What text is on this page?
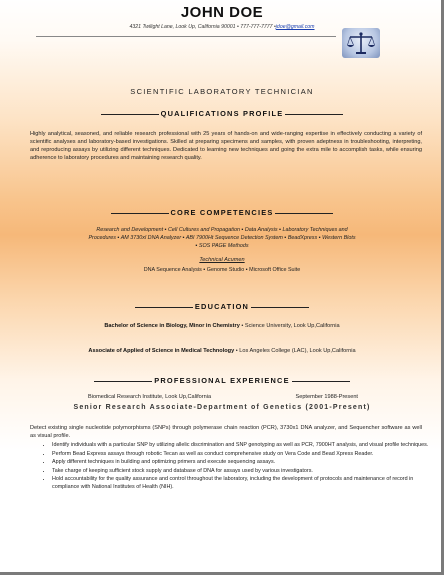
JOHN DOE
4321 Twilight Lane, Look Up, California 90001 • 777-777-7777 •jdoe@gmail.com
SCIENTIFIC LABORATORY TECHNICIAN
QUALIFICATIONS PROFILE
Highly analytical, seasoned, and reliable research professional with 25 years of hands-on and wide-ranging expertise in effectively conducting a variety of scientific analyses and laboratory-based investigations. Skilled at preparing specimens and samples, with proven adeptness in troubleshooting, interpreting, and reproducing assays by utilizing different techniques. Dedicated to learning new techniques and going the extra mile to accomplish tasks, while ensuring adherence to laboratory procedures and maintaining research quality.
CORE COMPETENCIES
Research and Development ▪ Cell Cultures and Propagation ▪ Data Analysis ▪ Laboratory Techniques and
Procedures ▪ AM 3730xl DNA Analyzer ▪ ABI 7900Ht Sequence Detection System ▪ BeadXpress ▪ Western Blots
▪ SOS PAGE Methods
Technical Acumen
DNA Sequence Analysis ▪ Genome Studio ▪ Microsoft Office Suite
EDUCATION
Bachelor of Science in Biology, Minor in Chemistry • Science University, Look Up,California
Associate of Applied of Science in Medical Technology • Los Angeles College (LAC), Look Up,California
PROFESSIONAL EXPERIENCE
Biomedical Research Institute, Look Up,California	September 1988-Present
Senior Research Associate-Department of Genetics (2001-Present)
Detect existing single nucleotide polymorphisms (SNPs) through polymerase chain reaction (PCR), 3730x1 DNA analyzer, and Sequencher software as well as visual profile.
• Identify individuals with a particular SNP by utilizing allelic discrimination and SNP genotyping as well as PCR, 7900HT analysis, and visual profile techniques.
• Perform Bead Express assays through robotic Tecan as well as conduct comprehensive study on Vera Code and Bead Xpress Reader.
• Apply different techniques in building and optimizing primers and execute sequencing assays.
• Take charge of keeping sufficient stock supply and database of DNA for assays used by various investigators.
• Hold accountability for the quality assurance and control throughout the laboratory, including the development of protocols and maintenance of record in compliance with National Institutes of Health (NIH).
